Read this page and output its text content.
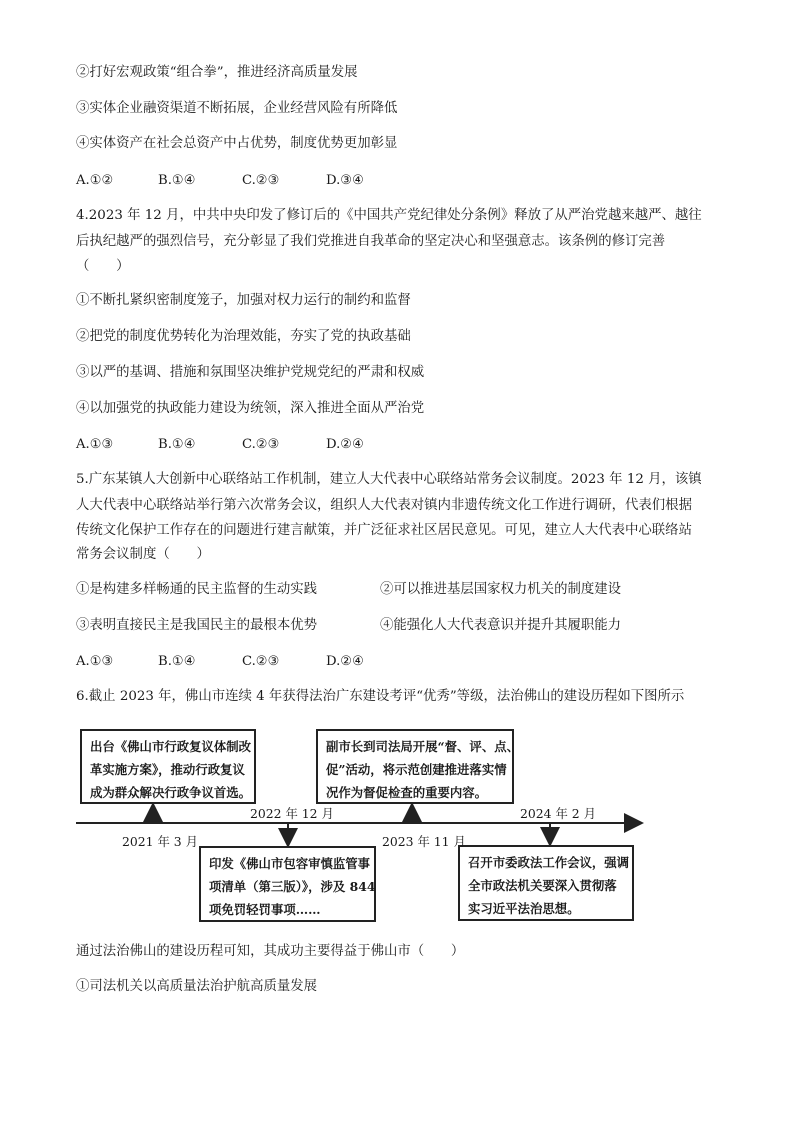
②打好宏观政策“组合拳”，推进经济高质量发展
③实体企业融资渠道不断拓展，企业经营风险有所降低
④实体资产在社会总资产中占优势，制度优势更加彰显
A.①②	B.①④	C.②③	D.③④
4.2023 年 12 月，中共中央印发了修订后的《中国共产党纪律处分条例》释放了从严治党越来越严、越往
后执纪越严的强烈信号，充分彰显了我们党推进自我革命的坚定决心和坚强意志。该条例的修订完善
（　　）
①不断扎紧织密制度笼子，加强对权力运行的制约和监督
②把党的制度优势转化为治理效能，夯实了党的执政基础
③以严的基调、措施和氛围坚决维护党规党纪的严肃和权威
④以加强党的执政能力建设为统领，深入推进全面从严治党
A.①③	B.①④	C.②③	D.②④
5.广东某镇人大创新中心联络站工作机制，建立人大代表中心联络站常务会议制度。2023 年 12 月，该镇
人大代表中心联络站举行第六次常务会议，组织人大代表对镇内非遗传统文化工作进行调研，代表们根据
传统文化保护工作存在的问题进行建言献策，并广泛征求社区居民意见。可见，建立人大代表中心联络站
常务会议制度（　　）
①是构建多样畅通的民主监督的生动实践	②可以推进基层国家权力机关的制度建设
③表明直接民主是我国民主的最根本优势	④能强化人大代表意识并提升其履职能力
A.①③	B.①④	C.②③	D.②④
6.截止 2023 年，佛山市连续 4 年获得法治广东建设考评“优秀”等级，法治佛山的建设历程如下图所示
出台《佛山市行政复议体制改
革实施方案》，推动行政复议
成为群众解决行政争议首选。
副市长到司法局开展“督、评、点、
促”活动，将示范创建推进落实情
况作为督促检查的重要内容。
印发《佛山市包容审慎监管事
项清单（第三版）》，涉及 844
项免罚轻罚事项……
召开市委政法工作会议，强调
全市政法机关要深入贯彻落
实习近平法治思想。
2021 年 3 月
2022 年 12 月
2023 年 11 月
2024 年 2 月
通过法治佛山的建设历程可知，其成功主要得益于佛山市（　　）
①司法机关以高质量法治护航高质量发展
